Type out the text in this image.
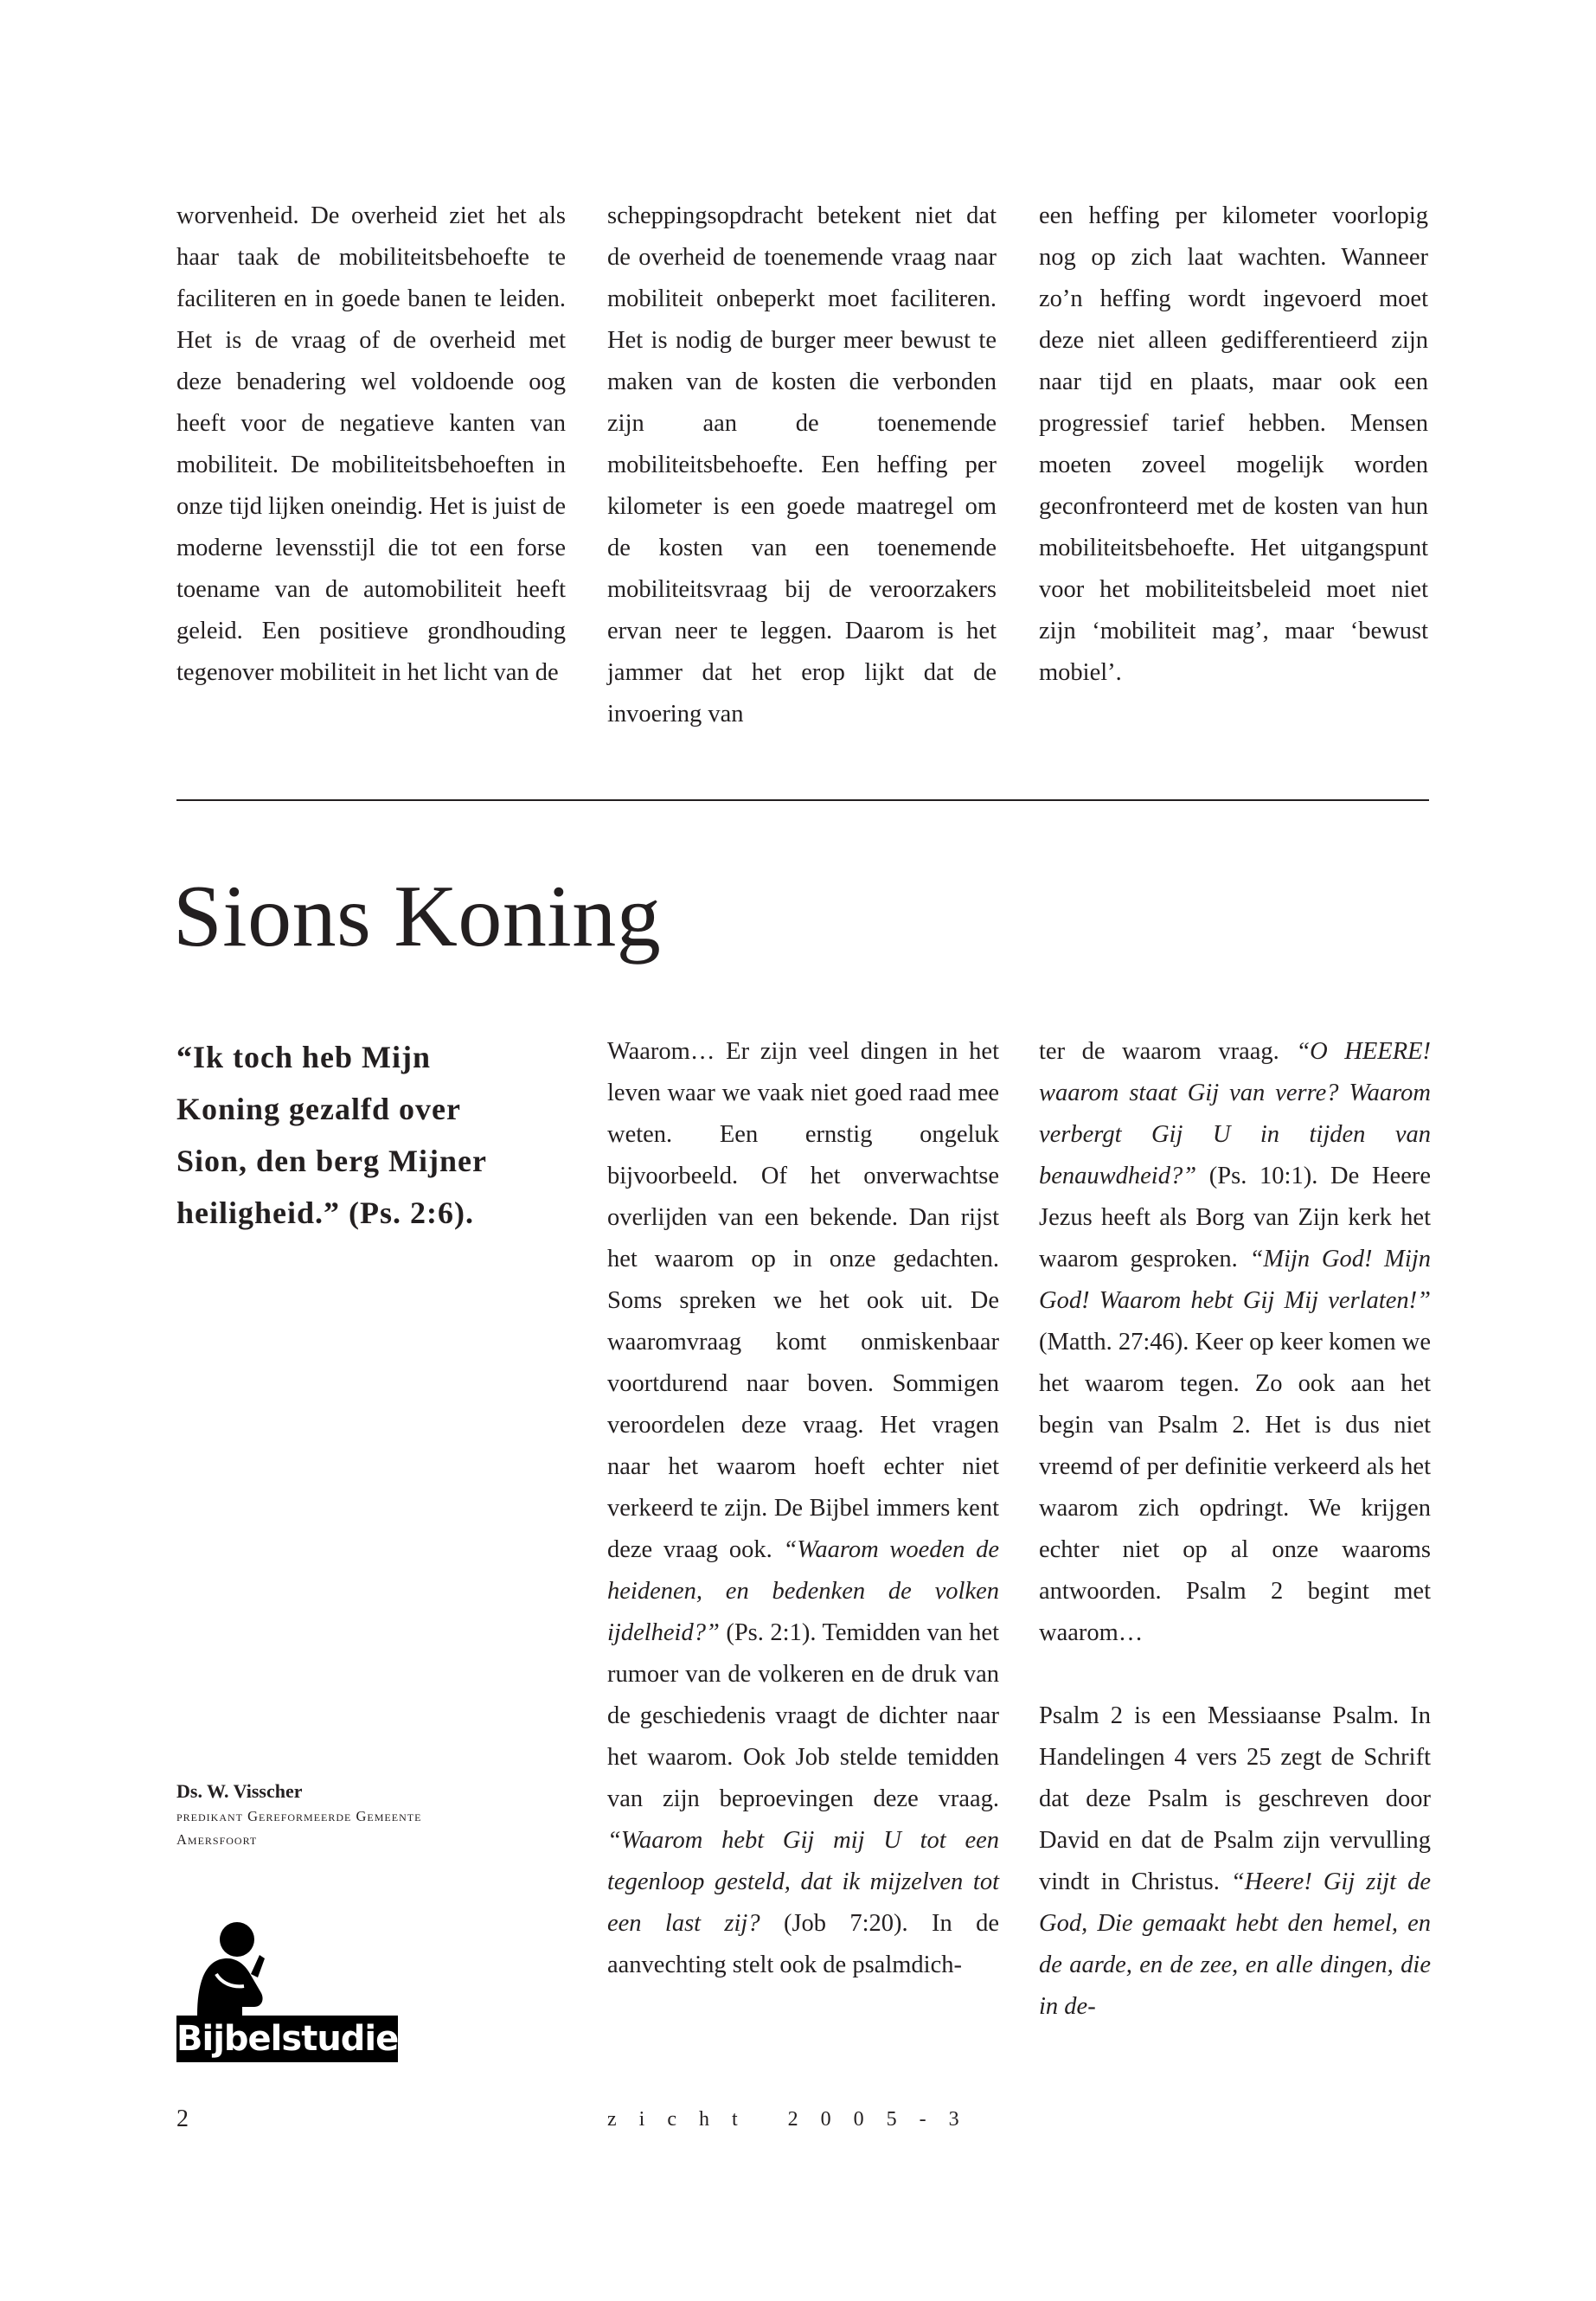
worvenheid. De overheid ziet het als haar taak de mobiliteitsbehoefte te faciliteren en in goede banen te leiden. Het is de vraag of de overheid met deze benadering wel voldoende oog heeft voor de negatieve kanten van mobiliteit. De mobiliteitsbehoeften in onze tijd lijken oneindig. Het is juist de moderne levensstijl die tot een forse toename van de automobiliteit heeft geleid. Een positieve grondhouding tegenover mobiliteit in het licht van de

scheppingsopdracht betekent niet dat de overheid de toenemende vraag naar mobiliteit onbeperkt moet faciliteren. Het is nodig de burger meer bewust te maken van de kosten die verbonden zijn aan de toenemende mobiliteitsbehoefte. Een heffing per kilometer is een goede maatregel om de kosten van een toenemende mobiliteitsvraag bij de veroorzakers ervan neer te leggen. Daarom is het jammer dat het erop lijkt dat de invoering van

een heffing per kilometer voorlopig nog op zich laat wachten. Wanneer zo’n heffing wordt ingevoerd moet deze niet alleen gedifferentieerd zijn naar tijd en plaats, maar ook een progressief tarief hebben. Mensen moeten zoveel mogelijk worden geconfronteerd met de kosten van hun mobiliteitsbehoefte. Het uitgangspunt voor het mobiliteitsbeleid moet niet zijn ‘mobiliteit mag’, maar ‘bewust mobiel’.

Sions Koning

“Ik toch heb Mijn Koning gezalfd over Sion, den berg Mijner heiligheid.” (Ps. 2:6).

Waarom… Er zijn veel dingen in het leven waar we vaak niet goed raad mee weten. Een ernstig ongeluk bijvoorbeeld. Of het onverwachtse overlijden van een bekende. Dan rijst het waarom op in onze gedachten. Soms spreken we het ook uit. De waaromvraag komt onmiskenbaar voortdurend naar boven. Sommigen veroordelen deze vraag. Het vragen naar het waarom hoeft echter niet verkeerd te zijn. De Bijbel immers kent deze vraag ook. “Waarom woeden de heidenen, en bedenken de volken ijdelheid?” (Ps. 2:1). Temidden van het rumoer van de volkeren en de druk van de geschiedenis vraagt de dichter naar het waarom. Ook Job stelde temidden van zijn beproevingen deze vraag. “Waarom hebt Gij mij U tot een tegenloop gesteld, dat ik mijzelven tot een last zij? (Job 7:20). In de aanvechting stelt ook de psalmdich-

ter de waarom vraag. “O HEERE! waarom staat Gij van verre? Waarom verbergt Gij U in tijden van benauwdheid?” (Ps. 10:1). De Heere Jezus heeft als Borg van Zijn kerk het waarom gesproken. “Mijn God! Mijn God! Waarom hebt Gij Mij verlaten!” (Matth. 27:46). Keer op keer komen we het waarom tegen. Zo ook aan het begin van Psalm 2. Het is dus niet vreemd of per definitie verkeerd als het waarom zich opdringt. We krijgen echter niet op al onze waaroms antwoorden. Psalm 2 begint met waarom…

Psalm 2 is een Messiaanse Psalm. In Handelingen 4 vers 25 zegt de Schrift dat deze Psalm is geschreven door David en dat de Psalm zijn vervulling vindt in Christus. “Heere! Gij zijt de God, Die gemaakt hebt den hemel, en de aarde, en de zee, en alle dingen, die in de-

Ds. W. Visscher
predikant Gereformeerde Gemeente
Amersfoort
Bijbelstudie
2	zicht 2005-3
